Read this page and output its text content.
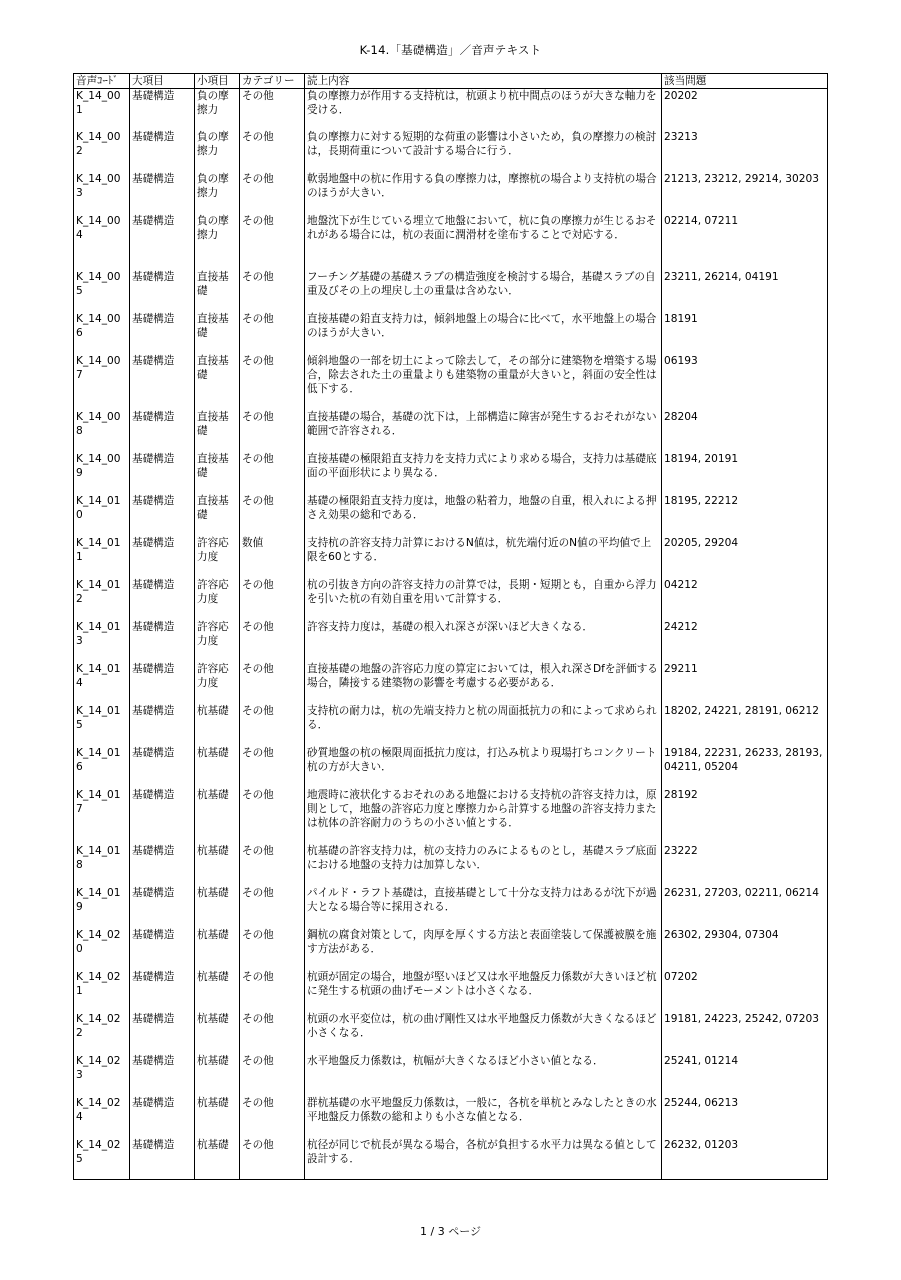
K-14.「基礎構造」／音声テキスト
音声ｺｰﾄﾞ	大項目	小項目	カテゴリー	読上内容	該当問題
K_14_001	基礎構造	負の摩擦力	その他	負の摩擦力が作用する支持杭は，杭頭より杭中間点のほうが大きな軸力を受ける．	20202
K_14_002	基礎構造	負の摩擦力	その他	負の摩擦力に対する短期的な荷重の影響は小さいため，負の摩擦力の検討は，長期荷重について設計する場合に行う．	23213
K_14_003	基礎構造	負の摩擦力	その他	軟弱地盤中の杭に作用する負の摩擦力は，摩擦杭の場合より支持杭の場合のほうが大きい．	21213, 23212, 29214, 30203
K_14_004	基礎構造	負の摩擦力	その他	地盤沈下が生じている埋立て地盤において，杭に負の摩擦力が生じるおそれがある場合には，杭の表面に潤滑材を塗布することで対応する．	02214, 07211
K_14_005	基礎構造	直接基礎	その他	フーチング基礎の基礎スラブの構造強度を検討する場合，基礎スラブの自重及びその上の埋戻し土の重量は含めない．	23211, 26214, 04191
K_14_006	基礎構造	直接基礎	その他	直接基礎の鉛直支持力は，傾斜地盤上の場合に比べて，水平地盤上の場合のほうが大きい．	18191
K_14_007	基礎構造	直接基礎	その他	傾斜地盤の一部を切土によって除去して，その部分に建築物を増築する場合，除去された土の重量よりも建築物の重量が大きいと，斜面の安全性は低下する．	06193
K_14_008	基礎構造	直接基礎	その他	直接基礎の場合，基礎の沈下は，上部構造に障害が発生するおそれがない範囲で許容される．	28204
K_14_009	基礎構造	直接基礎	その他	直接基礎の極限鉛直支持力を支持力式により求める場合，支持力は基礎底面の平面形状により異なる．	18194, 20191
K_14_010	基礎構造	直接基礎	その他	基礎の極限鉛直支持力度は，地盤の粘着力，地盤の自重，根入れによる押さえ効果の総和である．	18195, 22212
K_14_011	基礎構造	許容応力度	数値	支持杭の許容支持力計算におけるN値は，杭先端付近のN値の平均値で上限を60とする．	20205, 29204
K_14_012	基礎構造	許容応力度	その他	杭の引抜き方向の許容支持力の計算では，長期・短期とも，自重から浮力を引いた杭の有効自重を用いて計算する．	04212
K_14_013	基礎構造	許容応力度	その他	許容支持力度は，基礎の根入れ深さが深いほど大きくなる．	24212
K_14_014	基礎構造	許容応力度	その他	直接基礎の地盤の許容応力度の算定においては，根入れ深さDfを評価する場合，隣接する建築物の影響を考慮する必要がある．	29211
K_14_015	基礎構造	杭基礎	その他	支持杭の耐力は，杭の先端支持力と杭の周面抵抗力の和によって求められる．	18202, 24221, 28191, 06212
K_14_016	基礎構造	杭基礎	その他	砂質地盤の杭の極限周面抵抗力度は，打込み杭より現場打ちコンクリート杭の方が大きい．	19184, 22231, 26233, 28193, 04211, 05204
K_14_017	基礎構造	杭基礎	その他	地震時に液状化するおそれのある地盤における支持杭の許容支持力は，原則として，地盤の許容応力度と摩擦力から計算する地盤の許容支持力または杭体の許容耐力のうちの小さい値とする．	28192
K_14_018	基礎構造	杭基礎	その他	杭基礎の許容支持力は，杭の支持力のみによるものとし，基礎スラブ底面における地盤の支持力は加算しない．	23222
K_14_019	基礎構造	杭基礎	その他	パイルド・ラフト基礎は，直接基礎として十分な支持力はあるが沈下が過大となる場合等に採用される．	26231, 27203, 02211, 06214
K_14_020	基礎構造	杭基礎	その他	鋼杭の腐食対策として，肉厚を厚くする方法と表面塗装して保護被膜を施す方法がある．	26302, 29304, 07304
K_14_021	基礎構造	杭基礎	その他	杭頭が固定の場合，地盤が堅いほど又は水平地盤反力係数が大きいほど杭に発生する杭頭の曲げモーメントは小さくなる．	07202
K_14_022	基礎構造	杭基礎	その他	杭頭の水平変位は，杭の曲げ剛性又は水平地盤反力係数が大きくなるほど小さくなる．	19181, 24223, 25242, 07203
K_14_023	基礎構造	杭基礎	その他	水平地盤反力係数は，杭幅が大きくなるほど小さい値となる．	25241, 01214
K_14_024	基礎構造	杭基礎	その他	群杭基礎の水平地盤反力係数は，一般に，各杭を単杭とみなしたときの水平地盤反力係数の総和よりも小さな値となる．	25244, 06213
K_14_025	基礎構造	杭基礎	その他	杭径が同じで杭長が異なる場合，各杭が負担する水平力は異なる値として設計する．	26232, 01203
1 / 3 ページ
